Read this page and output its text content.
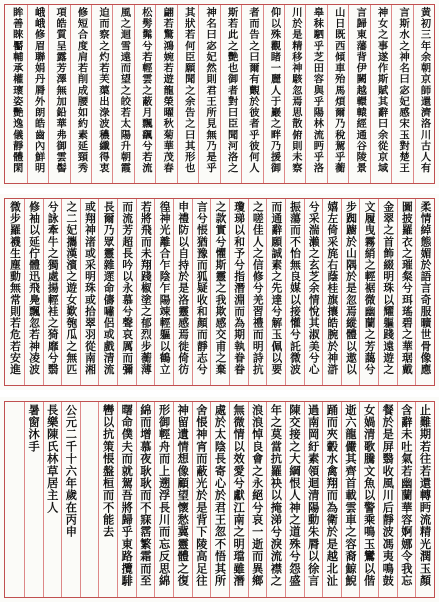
黄初三年余朝京師還濟洛川古人有
言斯水之神名曰宓妃感宋玉對楚王
神女之事遂作斯賦其辭曰余從京域
言歸東藩背伊闕越轘轅經通谷陵景
山日既西傾車殆馬煩爾乃稅駕乎蘅
皋秣駟乎芝田容與乎陽林流眄乎洛
川於是精移神駭忽焉思散俯則未察
仰以殊觀睹一麗人于巖之畔乃援御
者而告之曰爾有覿於彼者乎彼何人
斯若此之艷也御者對曰臣聞河洛之
神名曰宓妃然則君王所見無乃是乎
其狀若何臣願聞之余告之曰其形也
翩若驚鴻婉若遊龍榮曜秋菊華茂春
松髣髴兮若輕雲之蔽月飄颻兮若流
風之迴雪遠而望之皎若太陽升朝霞
迫而察之灼若芙蕖出淥波穠纖得衷
修短合度肩若削成腰如約素延頸秀
項皓質呈露芳澤無加鉛華弗御雲髻
峨峨修眉聯娟丹脣外朗皓齒內鮮明
眸善睞靨輔承權瓌姿艷逸儀靜體閑
柔情綽態媚於語言奇服曠世骨像應
圖披羅衣之璀粲兮珥瑤碧之華琚戴
金翠之首飾綴明珠以耀軀踐遠遊之
文履曳霧綃之輕裾微幽蘭之芳藹兮
步踟躕於山隅於是忽焉縱體以遨以
嬉左倚采旄右蔭桂旗攘皓腕於神滸
兮采湍瀨之玄芝余情悅其淑美兮心
振蕩而不怡無良媒以接懽兮託微波
而通辭願誠素之先達兮解玉佩以要
之嗟佳人之信修兮羌習禮而明詩抗
瓊珶以和予兮指潛淵而為期執眷眷
之款實兮懼斯靈之我欺感交甫之棄
言兮悵猶豫而狐疑收和顏而靜志兮
申禮防以自持於是洛靈感焉徙倚彷
徨神光離合乍陰乍陽竦輕軀以鶴立
若將飛而未翔踐椒塗之郁烈步蘅薄
而流芳超長吟以永慕兮聲哀厲而彌
長爾乃眾靈雜遝命儔嘯侶或戲清流
或翔神渚或采明珠或拾翠羽從南湘
之二妃攜漢濱之遊女歎匏瓜之無匹
兮詠牽牛之獨處揚輕袿之猗靡兮翳
修袖以延佇體迅飛鳧飄忽若神凌波
微步羅襪生塵動無常則若危若安進
止難期若往若還轉眄流精光潤玉顏
含辭未吐氣若幽蘭華容婀娜令我忘
餐於是屏翳收風川后靜波馮夷鳴鼓
女媧清歌騰文魚以警乘鳴玉鸞以偕
逝六龍儼其齊首載雲車之容裔鯨鯢
踊而夾轂水禽翔而為衛於是越北沚
過南岡紆素領迴清陽動朱脣以徐言
陳交接之大綱恨人神之道殊兮怨盛
年之莫當抗羅袂以掩涕兮淚流襟之
浪浪悼良會之永絕兮哀一逝而異鄉
無微情以效愛兮獻江南之明璫雖潛
處於太陰長寄心於君王忽不悟其所
舍悵神宵而蔽光於是背下陵高足往
神留遺情想像顧望懷愁冀靈體之復
形御輕舟而上遡浮長川而忘反思綿
綿而增慕夜耿耿而不寐霑繁霜而至
曙命僕夫而就駕吾將歸乎東路攬騑
轡以抗策悵盤桓而不能去
公元二千十六年歲在丙申
長樂陳氏林草居主人
暑窗沐手
